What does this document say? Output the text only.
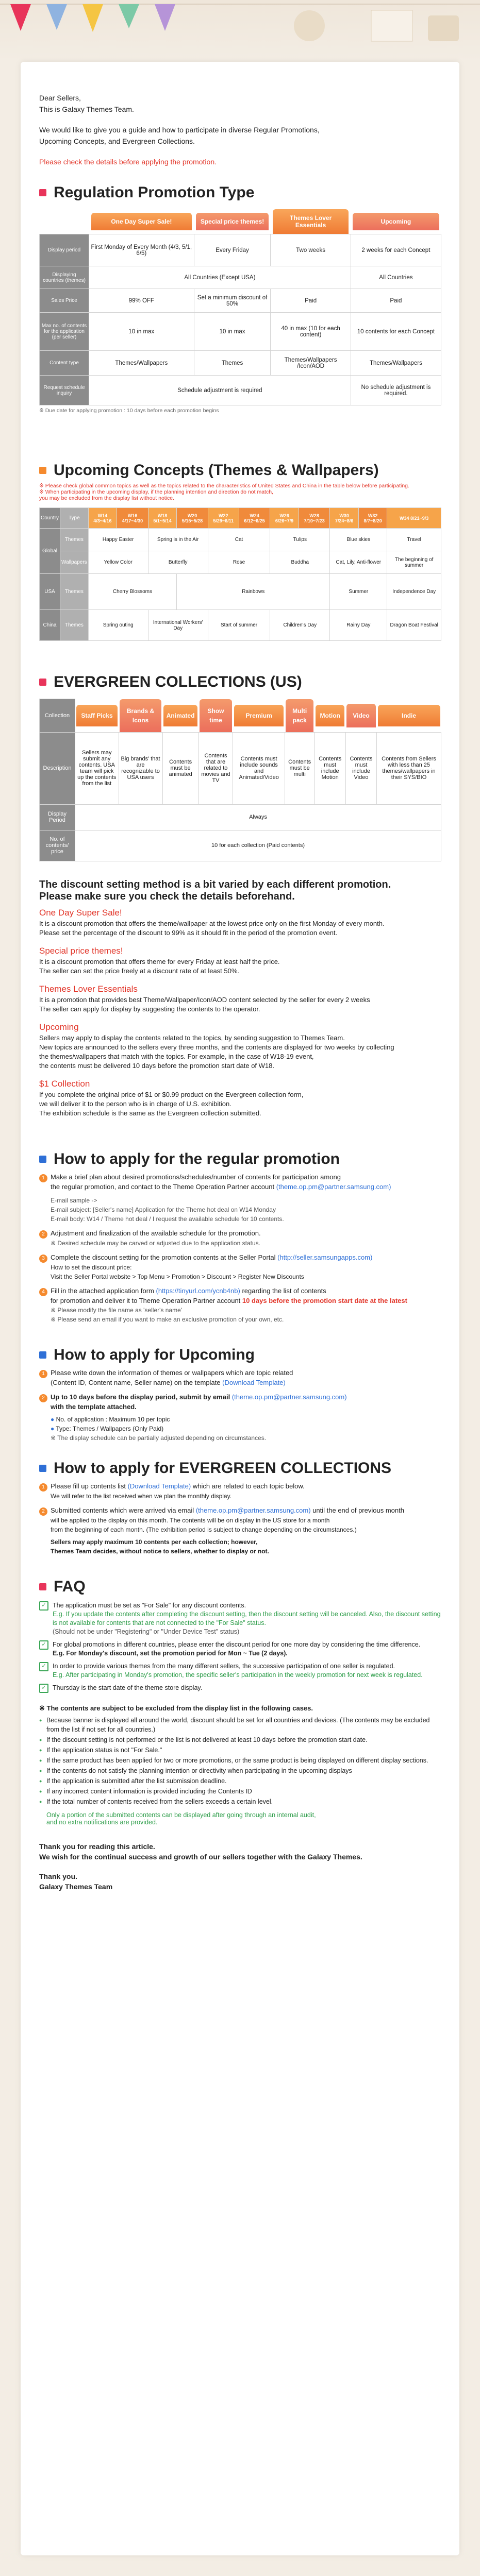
Dear Sellers,

This is Galaxy Themes Team.

We would like to give you a guide and how to participate in diverse Regular Promotions,

Upcoming Concepts, and Evergreen Collections.

Please check the details before applying the promotion.

Regulation Promotion Type

	One Day Super Sale!	Special price themes!	Themes Lover Essentials	Upcoming

Display period	First Monday of Every Month (4/3, 5/1, 6/5)	Every Friday	Two weeks	2 weeks for each Concept
Displaying countries (themes)	All Countries (Except USA)			All Countries
Sales Price	99% OFF	Set a minimum discount of 50%	Paid	Paid
Max no. of contents for the application (per seller)	10 in max	10 in max	40 in max (10 for each content)	10 contents for each Concept
Content type	Themes/Wallpapers	Themes	Themes/Wallpapers /Icon/AOD	Themes/Wallpapers
Request schedule inquiry	Schedule adjustment is required			No schedule adjustment is required.
※ Due date for applying promotion : 10 days before each promotion begins
Upcoming Concepts (Themes & Wallpapers)
※ Please check global common topics as well as the topics related to the characteristics of United States and China in the table below before participating.
※ When participating in the upcoming display, if the planning intention and direction do not match,
you may be excluded from the display list without notice.
Country	Type	W14 4/3~4/16	W16 4/17~4/30	W18 5/1~5/14	W20 5/15~5/28	W22 5/29~6/11	W24 6/12~6/25	W26 6/26~7/9	W28 7/10~7/23	W30 7/24~8/6	W32 8/7~8/20	W34 8/21~9/3
Global	Themes	Happy Easter		Spring is in the Air		Cat		Tulips		Blue skies		Travel
	Wallpapers	Yellow Color		Butterfly		Rose		Buddha		Cat, Lily, Anti-flower		The beginning of summer
USA	Themes	Cherry Blossoms			Rainbows					Summer		Independence Day
China	Themes	Spring outing		International Workers' Day		Start of summer		Children's Day		Rainy Day		Dragon Boat Festival
EVERGREEN COLLECTIONS (US)
Collection	Staff Picks	Brands & Icons	Animated	Show time	Premium	Multi pack	Motion	Video	Indie

Description	Sellers may submit any contents. USA team will pick up the contents from the list	Big brands' that are recognizable to USA users	Contents must be animated	Contents that are related to movies and TV	Contents must include sounds and Animated/Video	Contents must be multi	Contents must include Motion	Contents must include Video	Contents from Sellers with less than 25 themes/wallpapers in their SYS/BIO
Display Period	Always								
No. of contents/ price	10 for each collection (Paid contents)								
The discount setting method is a bit varied by each different promotion.
Please make sure you check the details beforehand.
One Day Super Sale!

It is a discount promotion that offers the theme/wallpaper at the lowest price only on the first Monday of every month.

Please set the percentage of the discount to 99% as it should fit in the period of the promotion event.

Special price themes!

It is a discount promotion that offers theme for every Friday at least half the price.

The seller can set the price freely at a discount rate of at least 50%.

Themes Lover Essentials

It is a promotion that provides best Theme/Wallpaper/Icon/AOD content selected by the seller for every 2 weeks

The seller can apply for display by suggesting the contents to the operator.

Upcoming

Sellers may apply to display the contents related to the topics, by sending suggestion to Themes Team.

New topics are announced to the sellers every three months, and the contents are displayed for two weeks by collecting

the themes/wallpapers that match with the topics. For example, in the case of W18-19 event,

the contents must be delivered 10 days before the promotion start date of W18.

$1 Collection

If you complete the original price of $1 or $0.99 product on the Evergreen collection form,

we will deliver it to the person who is in charge of U.S. exhibition.

The exhibition schedule is the same as the Evergreen collection submitted.

How to apply for the regular promotion
1 Make a brief plan about desired promotions/schedules/number of contents for participation among
the regular promotion, and contact to the Theme Operation Partner account (theme.op.pm@partner.samsung.com)
E-mail sample ->
E-mail subject: [Seller's name] Application for the Theme hot deal on W14 Monday
E-mail body: W14 / Theme hot deal / I request the available schedule for 10 contents.
2 Adjustment and finalization of the available schedule for the promotion.
※ Desired schedule may be carved or adjusted due to the application status.
3 Complete the discount setting for the promotion contents at the Seller Portal (http://seller.samsungapps.com)
How to set the discount price:
Visit the Seller Portal website > Top Menu > Promotion > Discount > Register New Discounts
4 Fill in the attached application form (https://tinyurl.com/ycnb4nb) regarding the list of contents
for promotion and deliver it to Theme Operation Partner account 10 days before the promotion start date at the latest
※ Please modify the file name as 'seller's name'
※ Please send an email if you want to make an exclusive promotion of your own, etc.
How to apply for Upcoming
1 Please write down the information of themes or wallpapers which are topic related
(Content ID, Content name, Seller name) on the template (Download Template)
2 Up to 10 days before the display period, submit by email (theme.op.pm@partner.samsung.com)
with the template attached.
● No. of application : Maximum 10 per topic
● Type: Themes / Wallpapers (Only Paid)
※ The display schedule can be partially adjusted depending on circumstances.
How to apply for EVERGREEN COLLECTIONS
1 Please fill up contents list (Download Template) which are related to each topic below.
We will refer to the list received when we plan the monthly display.
2 Submitted contents which were arrived via email (theme.op.pm@partner.samsung.com) until the end of previous month
will be applied to the display on this month. The contents will be on display in the US store for a month
from the beginning of each month. (The exhibition period is subject to change depending on the circumstances.)
Sellers may apply maximum 10 contents per each collection; however,
Themes Team decides, without notice to sellers, whether to display or not.
FAQ
✓ The application must be set as "For Sale" for any discount contents.
E.g. If you update the contents after completing the discount setting, then the discount setting will be canceled. Also, the discount setting is not available for contents that are not connected to the "For Sale" status.
(Should not be under "Registering" or "Under Device Test" status)
✓ For global promotions in different countries, please enter the discount period for one more day by considering the time difference.
E.g. For Monday's discount, set the promotion period for Mon ~ Tue (2 days).
✓ In order to provide various themes from the many different sellers, the successive participation of one seller is regulated.
E.g. After participating in Monday's promotion, the specific seller's participation in the weekly promotion for next week is regulated.
✓ Thursday is the start date of the theme store display.
※ The contents are subject to be excluded from the display list in the following cases.
● Because banner is displayed all around the world, discount should be set for all countries and devices. (The contents may be excluded from the list if not set for all countries.)
● If the discount setting is not performed or the list is not delivered at least 10 days before the promotion start date.
● If the application status is not "For Sale."
● If the same product has been applied for two or more promotions, or the same product is being displayed on different display sections.
● If the contents do not satisfy the planning intention or directivity when participating in the upcoming displays
● If the application is submitted after the list submission deadline.
● If any incorrect content information is provided including the Contents ID
● If the total number of contents received from the sellers exceeds a certain level.
Only a portion of the submitted contents can be displayed after going through an internal audit,
and no extra notifications are provided.
Thank you for reading this article.
We wish for the continual success and growth of our sellers together with the Galaxy Themes.
Thank you.
Galaxy Themes Team
